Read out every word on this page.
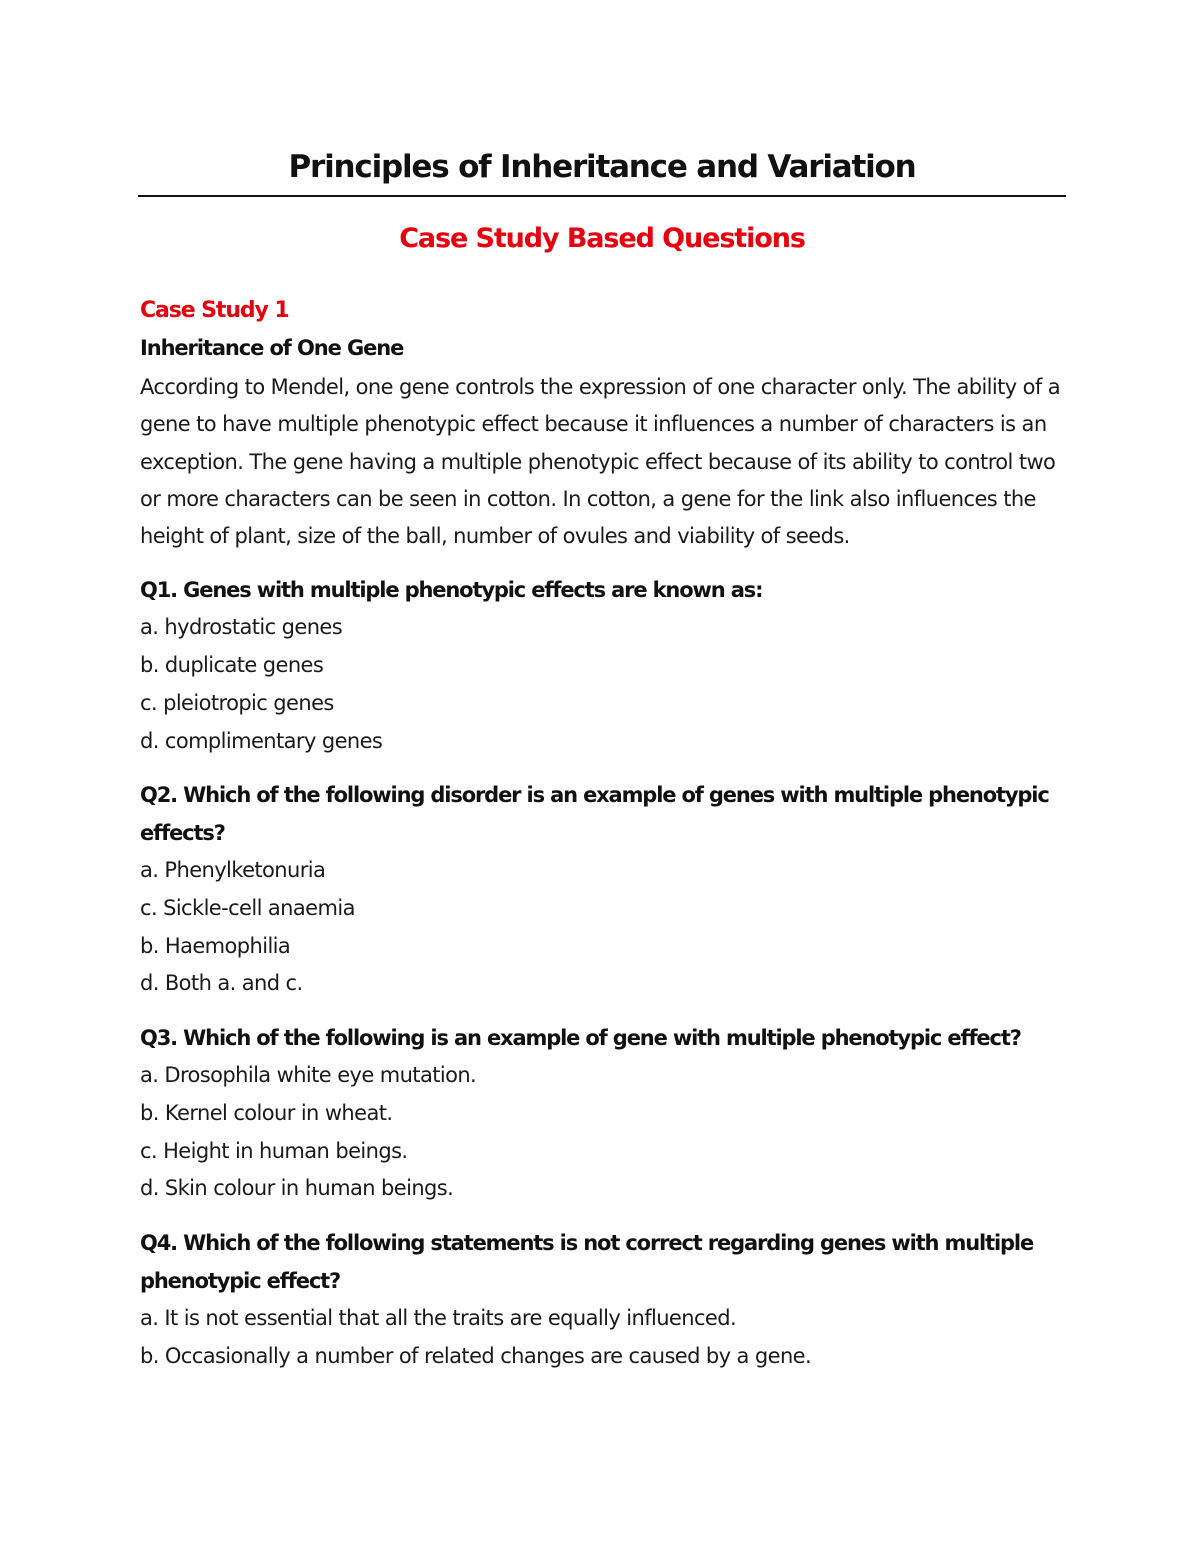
Principles of Inheritance and Variation
Case Study Based Questions
Case Study 1
Inheritance of One Gene

According to Mendel, one gene controls the expression of one character only. The ability of a gene to have multiple phenotypic effect because it influences a number of characters is an exception. The gene having a multiple phenotypic effect because of its ability to control two or more characters can be seen in cotton. In cotton, a gene for the link also influences the height of plant, size of the ball, number of ovules and viability of seeds.

Q1. Genes with multiple phenotypic effects are known as:

a. hydrostatic genes
b. duplicate genes
c. pleiotropic genes
d. complimentary genes

Q2. Which of the following disorder is an example of genes with multiple phenotypic effects?

a. Phenylketonuria
c. Sickle-cell anaemia
b. Haemophilia
d. Both a. and c.

Q3. Which of the following is an example of gene with multiple phenotypic effect?

a. Drosophila white eye mutation.
b. Kernel colour in wheat.
c. Height in human beings.
d. Skin colour in human beings.

Q4. Which of the following statements is not correct regarding genes with multiple phenotypic effect?

a. It is not essential that all the traits are equally influenced.
b. Occasionally a number of related changes are caused by a gene.
